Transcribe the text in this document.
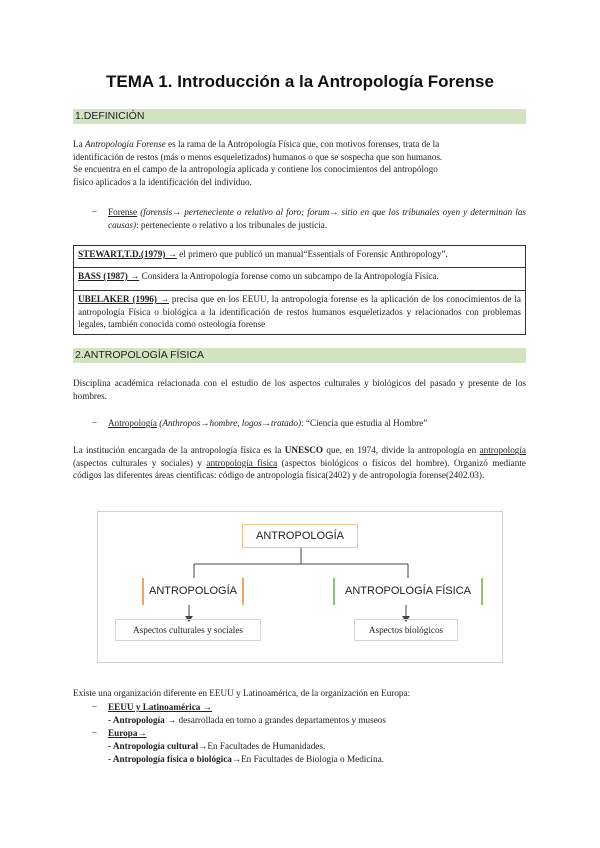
TEMA 1. Introducción a la Antropología Forense
1.DEFINICIÓN

La Antropología Forense es la rama de la Antropología Física que, con motivos forenses, trata de la
identificación de restos (más o menos esqueletizados) humanos o que se sospecha que son humanos.
Se encuentra en el campo de la antropología aplicada y contiene los conocimientos del antropólogo
físico aplicados a la identificación del individuo.

– Forense (forensis→ perteneciente o relativo al foro; forum→ sitio en que los tribunales oyen y determinan las causas): perteneciente o relativo a los tribunales de justicia.

STEWART,T.D.(1979) → el primero que publicó un manual“Essentials of Forensic Anthropology”.
BASS (1987) → Considera la Antropología forense como un subcampo de la Antropología Física.
UBELAKER (1996) → precisa que en los EEUU, la antropología forense es la aplicación de los conocimientos de la antropología Física o biológica a la identificación de restos humanos esqueletizados y relacionados con problemas legales, también conocida como osteología forense
2.ANTROPOLOGÍA FÍSICA

Disciplina académica relacionada con el estudio de los aspectos culturales y biológicos del pasado y presente de los hombres.

– Antropología (Anthropos→hombre, logos→tratado): “Ciencia que estudia al Hombre”

La institución encargada de la antropología física es la UNESCO que, en 1974, divide la antropología en antropología (aspectos culturales y sociales) y antropología física (aspectos biológicos o físicos del hombre). Organizó mediante códigos las diferentes áreas científicas: código de antropología física(2402) y de antropología forense(2402.03).

ANTROPOLOGÍA
ANTROPOLOGÍA	ANTROPOLOGÍA FÍSICA
Aspectos culturales y sociales	Aspectos biológicos

Existe una organización diferente en EEUU y Latinoamérica, de la organización en Europa:

– EEUU y Latinoamérica →

- Antropología → desarrollada en torno a grandes departamentos y museos

– Europa→

- Antropología cultural→En Facultades de Humanidades.

- Antropología física o biológica→En Facultades de Biología o Medicina.
